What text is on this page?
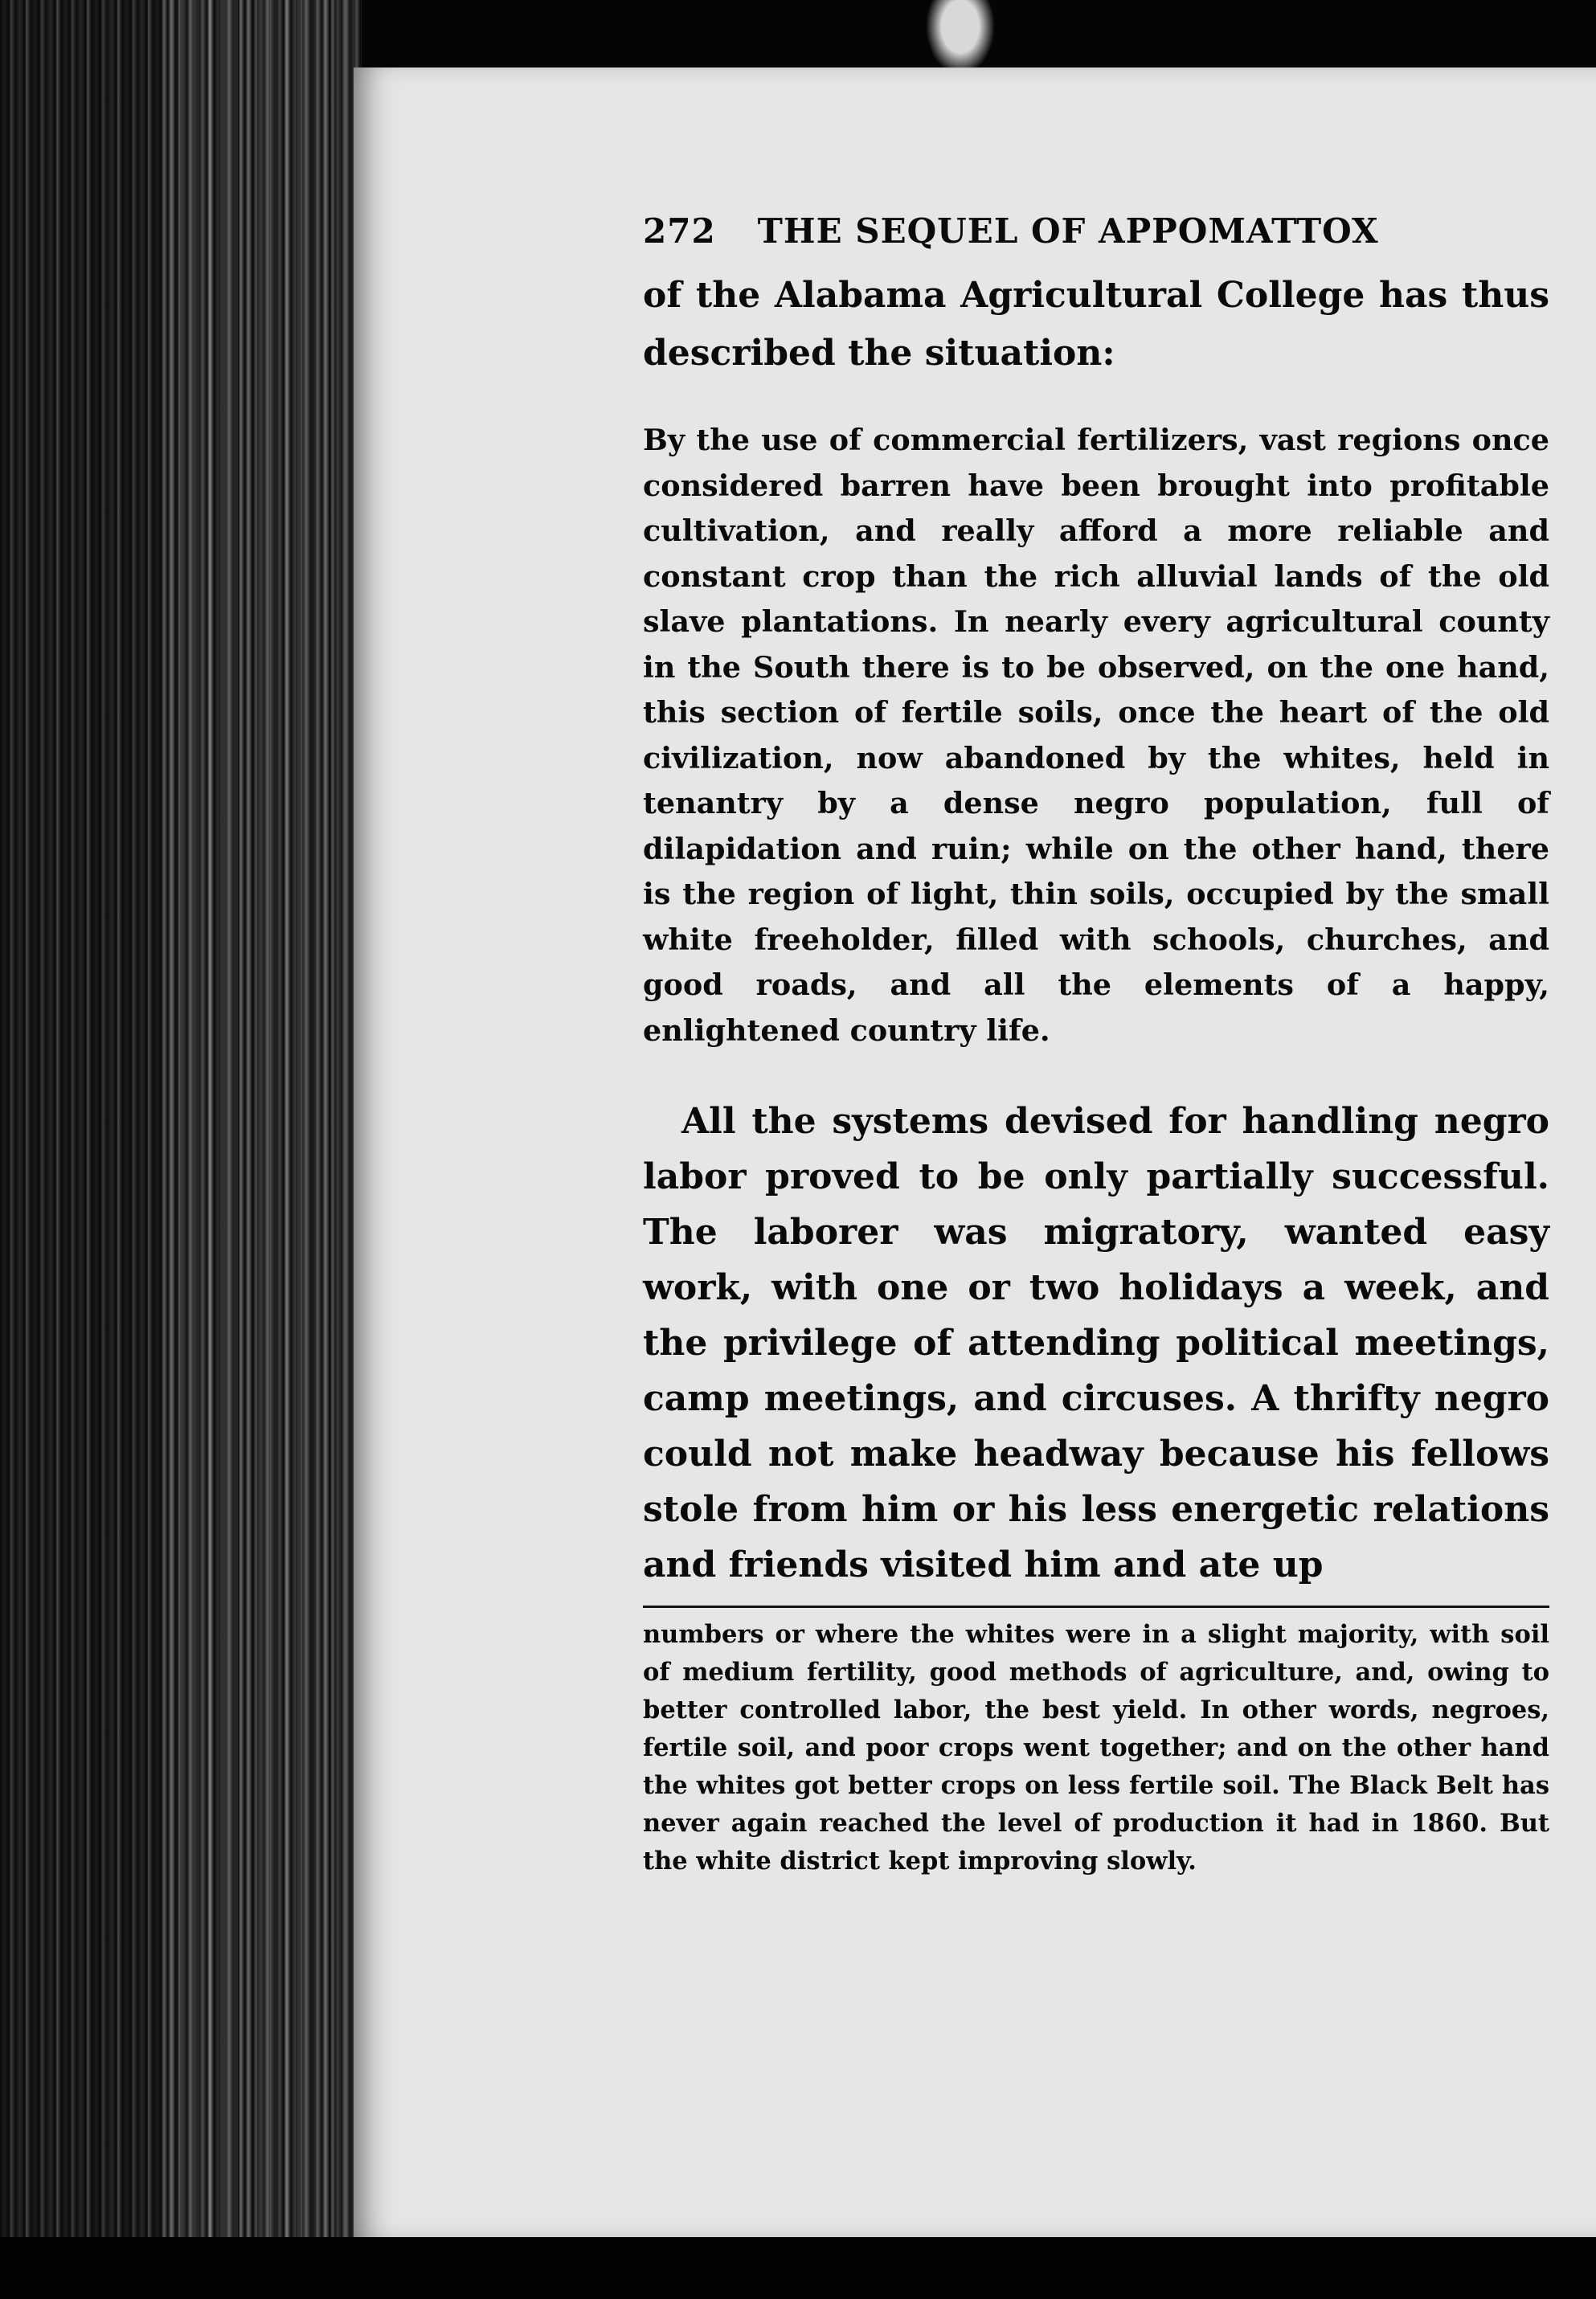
272 THE SEQUEL OF APPOMATTOX

of the Alabama Agricultural College has thus described the situation:

By the use of commercial fertilizers, vast regions once considered barren have been brought into profitable cultivation, and really afford a more reliable and constant crop than the rich alluvial lands of the old slave plantations. In nearly every agricultural county in the South there is to be observed, on the one hand, this section of fertile soils, once the heart of the old civilization, now abandoned by the whites, held in tenantry by a dense negro population, full of dilapidation and ruin; while on the other hand, there is the region of light, thin soils, occupied by the small white freeholder, filled with schools, churches, and good roads, and all the elements of a happy, enlightened country life.

All the systems devised for handling negro labor proved to be only partially successful. The laborer was migratory, wanted easy work, with one or two holidays a week, and the privilege of attending political meetings, camp meetings, and circuses. A thrifty negro could not make headway because his fellows stole from him or his less energetic relations and friends visited him and ate up

numbers or where the whites were in a slight majority, with soil of medium fertility, good methods of agriculture, and, owing to better controlled labor, the best yield. In other words, negroes, fertile soil, and poor crops went together; and on the other hand the whites got better crops on less fertile soil. The Black Belt has never again reached the level of production it had in 1860. But the white district kept improving slowly.
